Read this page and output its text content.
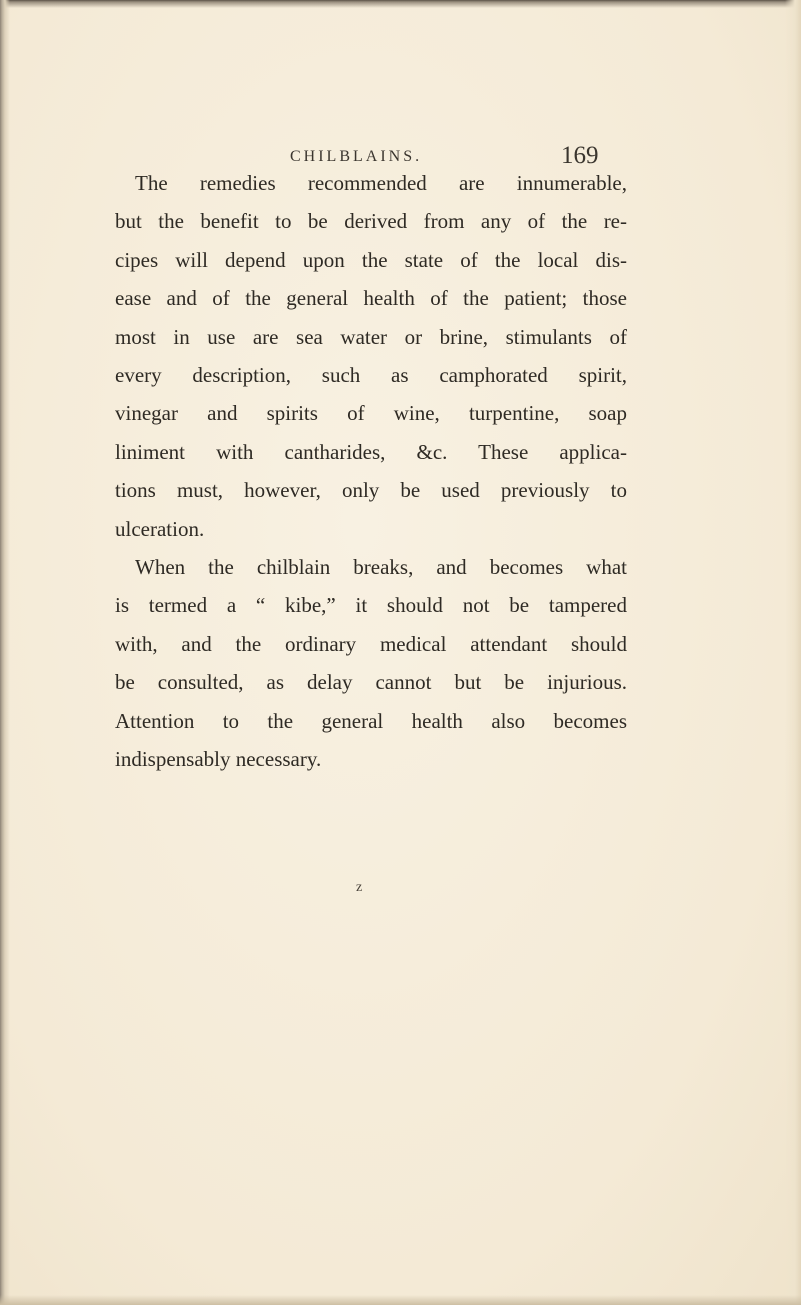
CHILBLAINS.	169
The remedies recommended are innumerable,
but the benefit to be derived from any of the re-
cipes will depend upon the state of the local dis-
ease and of the general health of the patient; those
most in use are sea water or brine, stimulants of
every description, such as camphorated spirit,
vinegar and spirits of wine, turpentine, soap
liniment with cantharides, &c. These applica-
tions must, however, only be used previously to
ulceration.
When the chilblain breaks, and becomes what
is termed a “ kibe,” it should not be tampered
with, and the ordinary medical attendant should
be consulted, as delay cannot but be injurious.
Attention to the general health also becomes
indispensably necessary.
z
